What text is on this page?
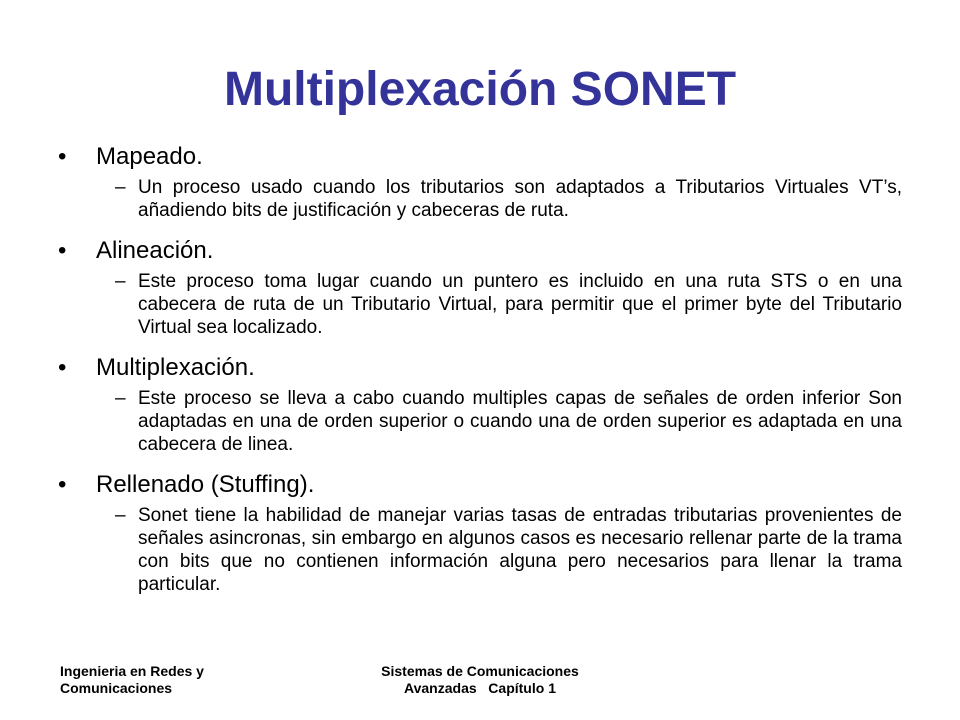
Multiplexación SONET
• Mapeado.
– Un proceso usado cuando los tributarios son adaptados a Tributarios Virtuales VT’s, añadiendo bits de justificación y cabeceras de ruta.
• Alineación.
– Este proceso toma lugar cuando un puntero es incluido en una ruta STS o en una cabecera de ruta de un Tributario Virtual, para permitir que el primer byte del Tributario Virtual sea localizado.
• Multiplexación.
– Este proceso se lleva a cabo cuando multiples capas de señales de orden inferior Son adaptadas en una de orden superior o cuando una de orden superior es adaptada en una cabecera de linea.
• Rellenado (Stuffing).
– Sonet tiene la habilidad de manejar varias tasas de entradas tributarias provenientes de señales asincronas, sin embargo en algunos casos es necesario rellenar parte de la trama con bits que no contienen información alguna pero necesarios para llenar la trama particular.
Ingenieria en Redes y
Comunicaciones
Sistemas de Comunicaciones
Avanzadas   Capítulo 1
